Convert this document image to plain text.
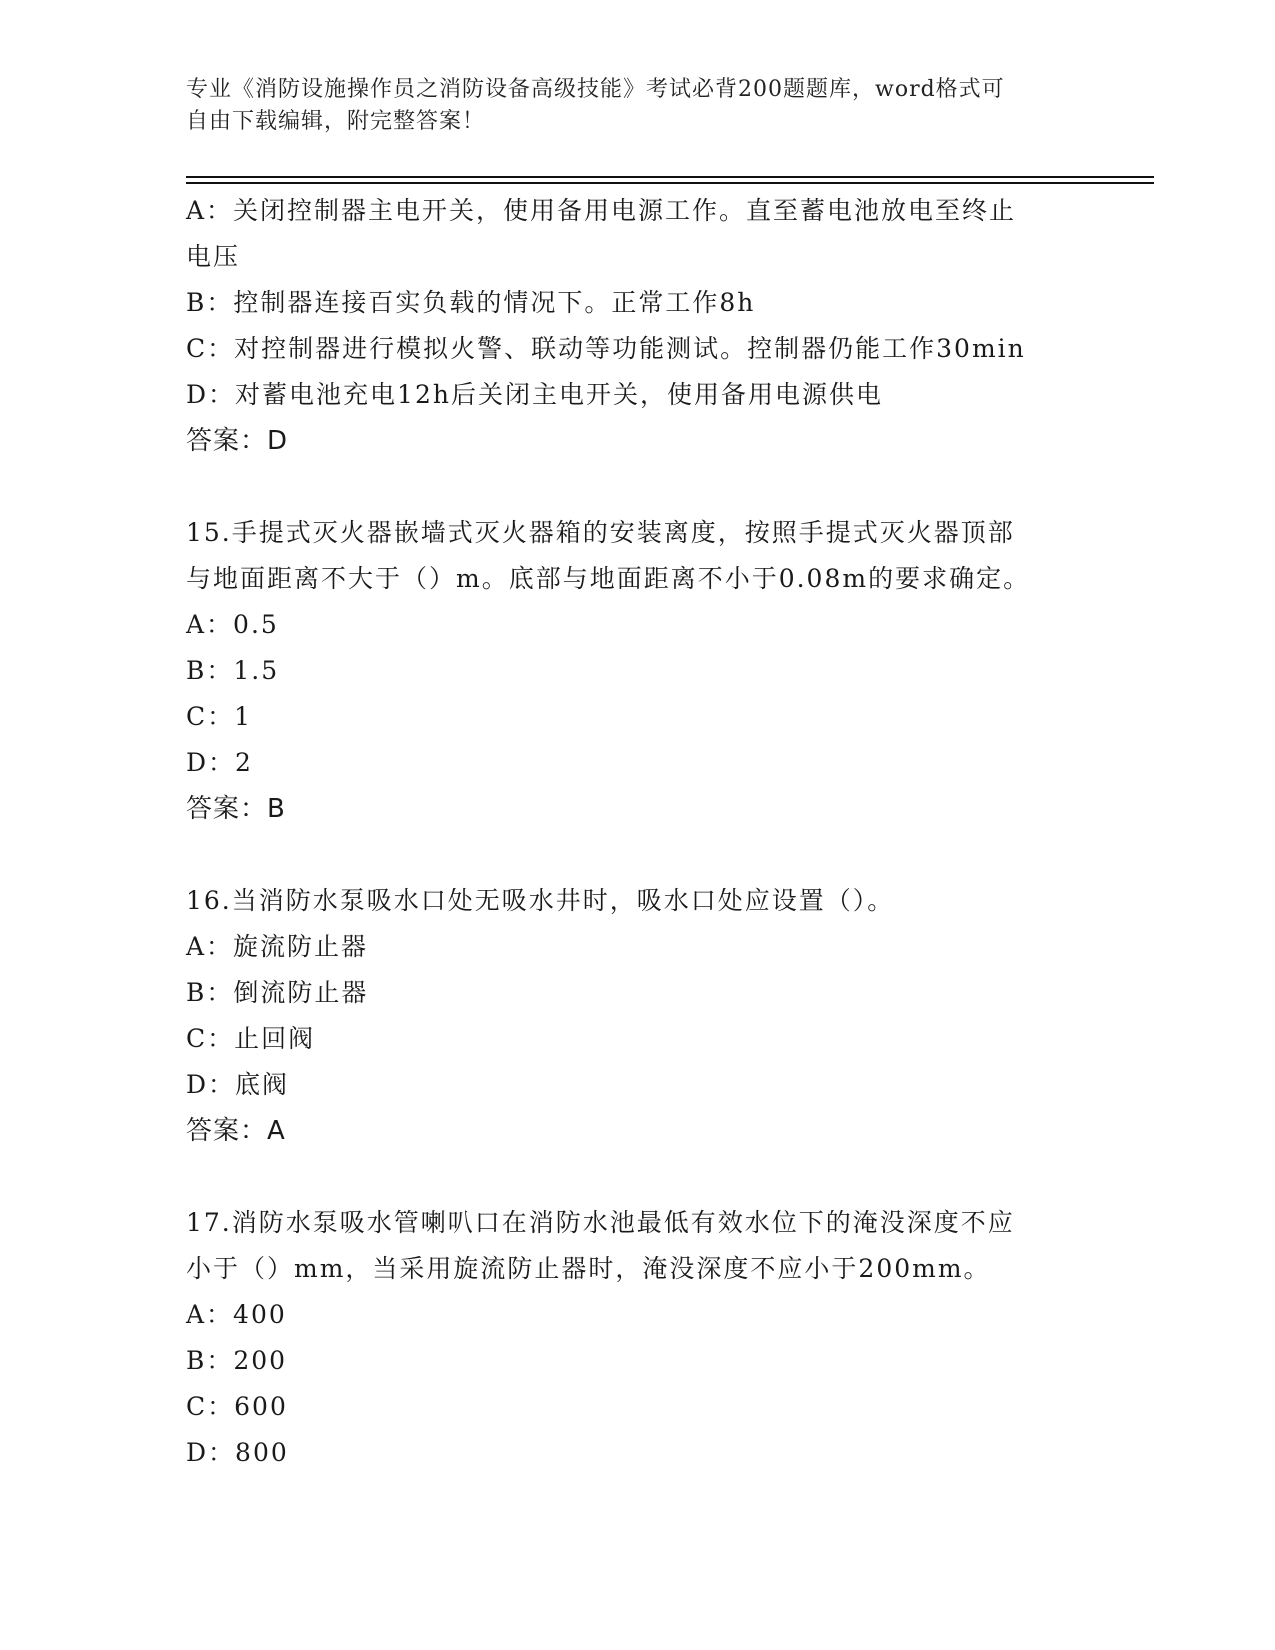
专业《消防设施操作员之消防设备高级技能》考试必背200题题库，word格式可
自由下载编辑，附完整答案！
A：关闭控制器主电开关，使用备用电源工作。直至蓄电池放电至终止
电压
B：控制器连接百实负载的情况下。正常工作8h
C：对控制器进行模拟火警、联动等功能测试。控制器仍能工作30min
D：对蓄电池充电12h后关闭主电开关，使用备用电源供电
答案：D
15.手提式灭火器嵌墙式灭火器箱的安装离度，按照手提式灭火器顶部
与地面距离不大于（）m。底部与地面距离不小于0.08m的要求确定。
A：0.5
B：1.5
C：1
D：2
答案：B
16.当消防水泵吸水口处无吸水井时，吸水口处应设置（）。
A：旋流防止器
B：倒流防止器
C：止回阀
D：底阀
答案：A
17.消防水泵吸水管喇叭口在消防水池最低有效水位下的淹没深度不应
小于（）mm，当采用旋流防止器时，淹没深度不应小于200mm。
A：400
B：200
C：600
D：800
